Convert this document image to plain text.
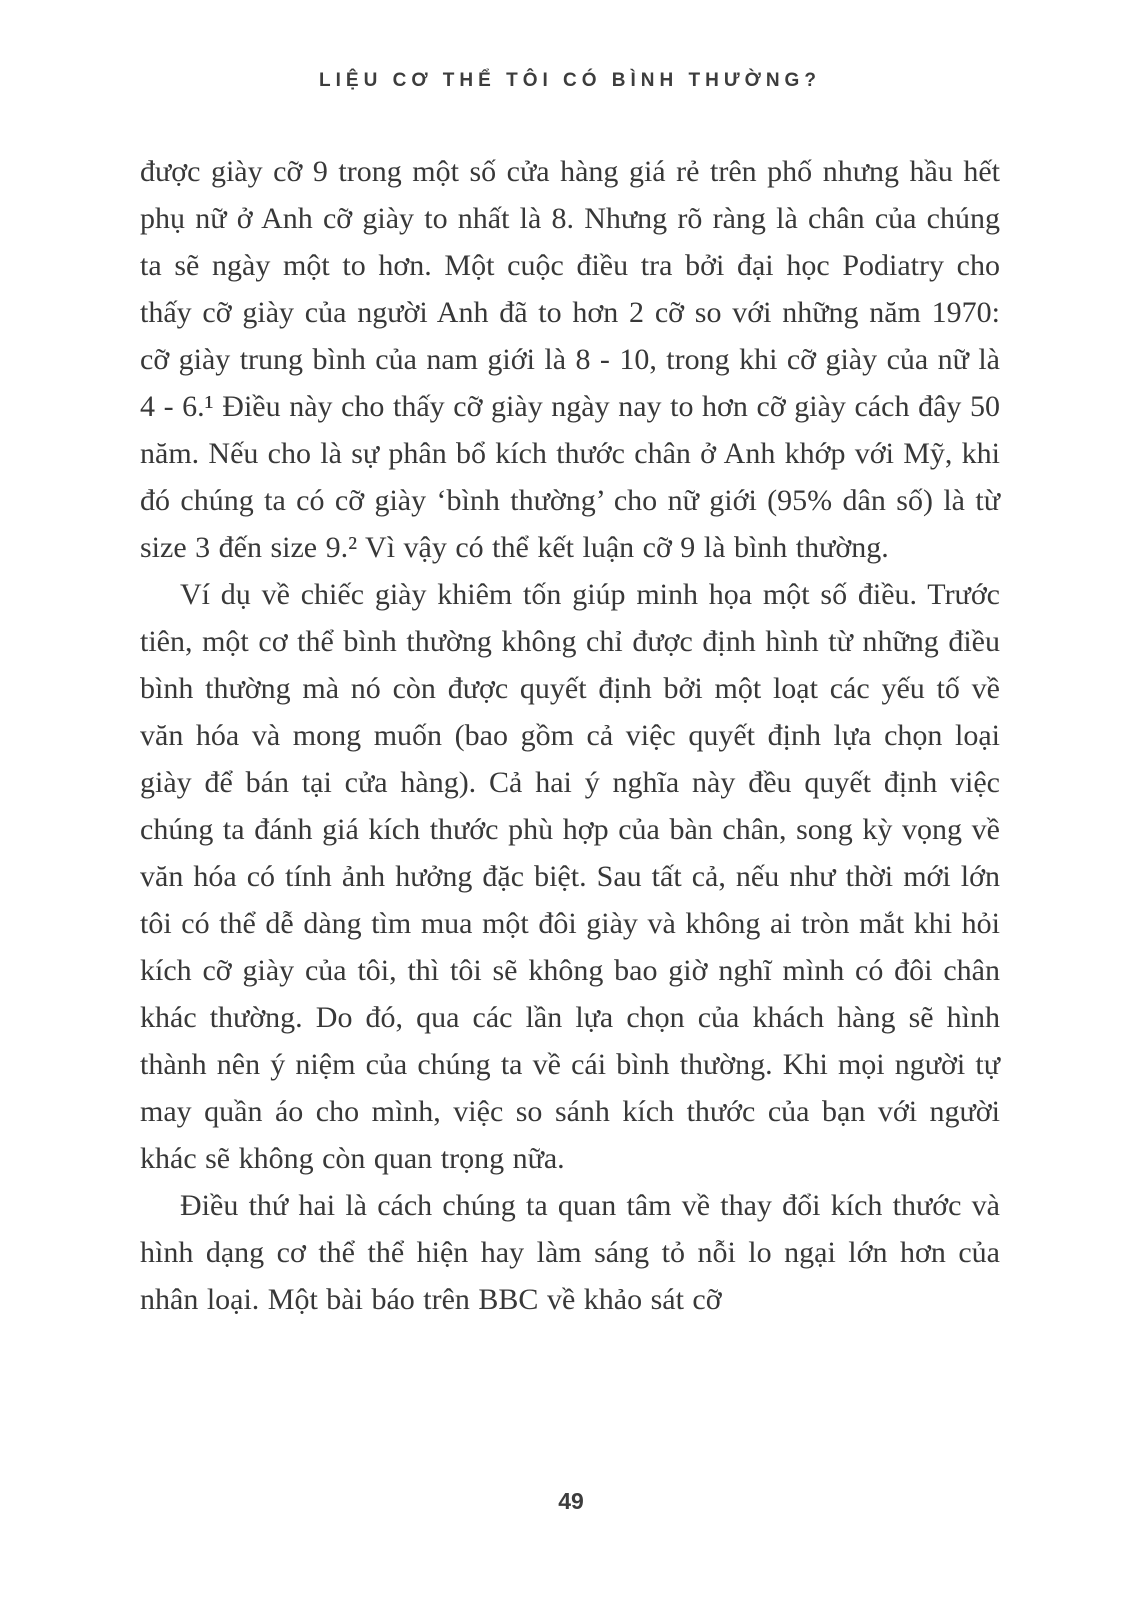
LIỆU CƠ THỂ TÔI CÓ BÌNH THƯỜNG?

được giày cỡ 9 trong một số cửa hàng giá rẻ trên phố nhưng hầu hết phụ nữ ở Anh cỡ giày to nhất là 8. Nhưng rõ ràng là chân của chúng ta sẽ ngày một to hơn. Một cuộc điều tra bởi đại học Podiatry cho thấy cỡ giày của người Anh đã to hơn 2 cỡ so với những năm 1970: cỡ giày trung bình của nam giới là 8 - 10, trong khi cỡ giày của nữ là 4 - 6.¹ Điều này cho thấy cỡ giày ngày nay to hơn cỡ giày cách đây 50 năm. Nếu cho là sự phân bổ kích thước chân ở Anh khớp với Mỹ, khi đó chúng ta có cỡ giày ‘bình thường’ cho nữ giới (95% dân số) là từ size 3 đến size 9.² Vì vậy có thể kết luận cỡ 9 là bình thường.

Ví dụ về chiếc giày khiêm tốn giúp minh họa một số điều. Trước tiên, một cơ thể bình thường không chỉ được định hình từ những điều bình thường mà nó còn được quyết định bởi một loạt các yếu tố về văn hóa và mong muốn (bao gồm cả việc quyết định lựa chọn loại giày để bán tại cửa hàng). Cả hai ý nghĩa này đều quyết định việc chúng ta đánh giá kích thước phù hợp của bàn chân, song kỳ vọng về văn hóa có tính ảnh hưởng đặc biệt. Sau tất cả, nếu như thời mới lớn tôi có thể dễ dàng tìm mua một đôi giày và không ai tròn mắt khi hỏi kích cỡ giày của tôi, thì tôi sẽ không bao giờ nghĩ mình có đôi chân khác thường. Do đó, qua các lần lựa chọn của khách hàng sẽ hình thành nên ý niệm của chúng ta về cái bình thường. Khi mọi người tự may quần áo cho mình, việc so sánh kích thước của bạn với người khác sẽ không còn quan trọng nữa.

Điều thứ hai là cách chúng ta quan tâm về thay đổi kích thước và hình dạng cơ thể thể hiện hay làm sáng tỏ nỗi lo ngại lớn hơn của nhân loại. Một bài báo trên BBC về khảo sát cỡ

49
